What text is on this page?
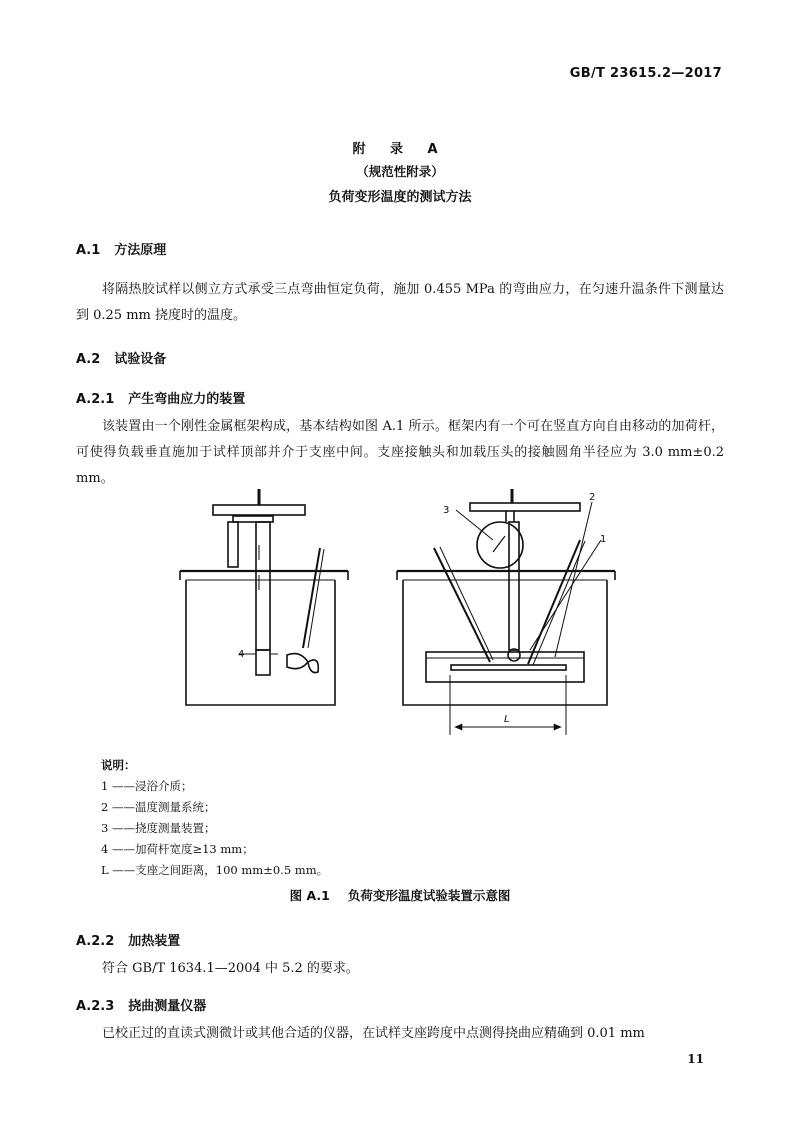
GB/T 23615.2—2017
附 录 A
（规范性附录）
负荷变形温度的测试方法
A.1 方法原理
将隔热胶试样以侧立方式承受三点弯曲恒定负荷，施加 0.455 MPa 的弯曲应力，在匀速升温条件下测量达到 0.25 mm 挠度时的温度。
A.2 试验设备
A.2.1 产生弯曲应力的装置
该装置由一个刚性金属框架构成，基本结构如图 A.1 所示。框架内有一个可在竖直方向自由移动的加荷杆，可使得负载垂直施加于试样顶部并介于支座中间。支座接触头和加载压头的接触圆角半径应为 3.0 mm±0.2 mm。
3
2
1
4
L
说明：
1 ——浸浴介质；
2 ——温度测量系统；
3 ——挠度测量装置；
4 ——加荷杆宽度≥13 mm；
L ——支座之间距离，100 mm±0.5 mm。
图 A.1 负荷变形温度试验装置示意图
A.2.2 加热装置
符合 GB/T 1634.1—2004 中 5.2 的要求。
A.2.3 挠曲测量仪器
已校正过的直读式测微计或其他合适的仪器，在试样支座跨度中点测得挠曲应精确到 0.01 mm
11
